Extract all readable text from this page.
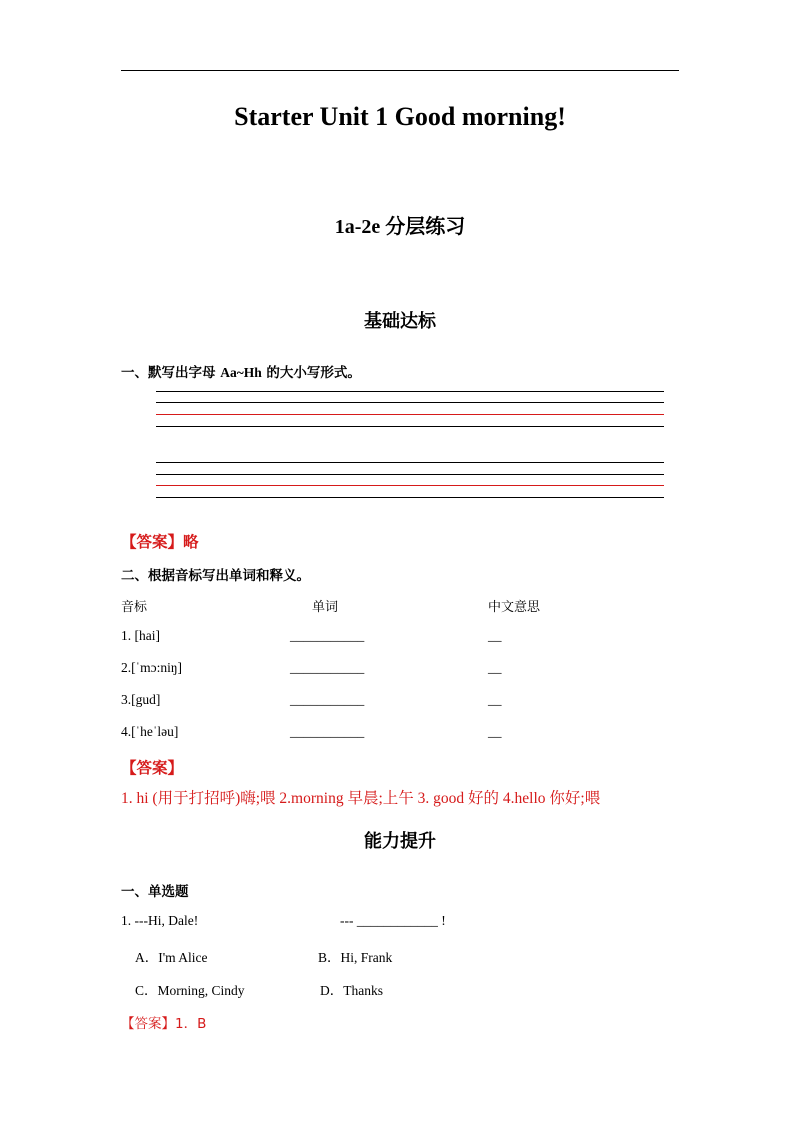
Starter Unit 1 Good morning!
1a-2e 分层练习
基础达标
一、默写出字母 Aa~Hh 的大小写形式。
【答案】略
二、根据音标写出单词和释义。
音标	单词	中文意思
1. [hai]	___________	__
2.[ˈmɔ:niŋ]	___________	__
3.[gud]	___________	__
4.[ˈheˈləu]	___________	__
【答案】
1. hi (用于打招呼)嗨;喂 2.morning 早晨;上午 3. good 好的 4.hello 你好;喂
能力提升
一、单选题
1. ---Hi, Dale!	--- ____________ !
A．I'm Alice	B．Hi, Frank
C．Morning, Cindy	D．Thanks
【答案】1．B
